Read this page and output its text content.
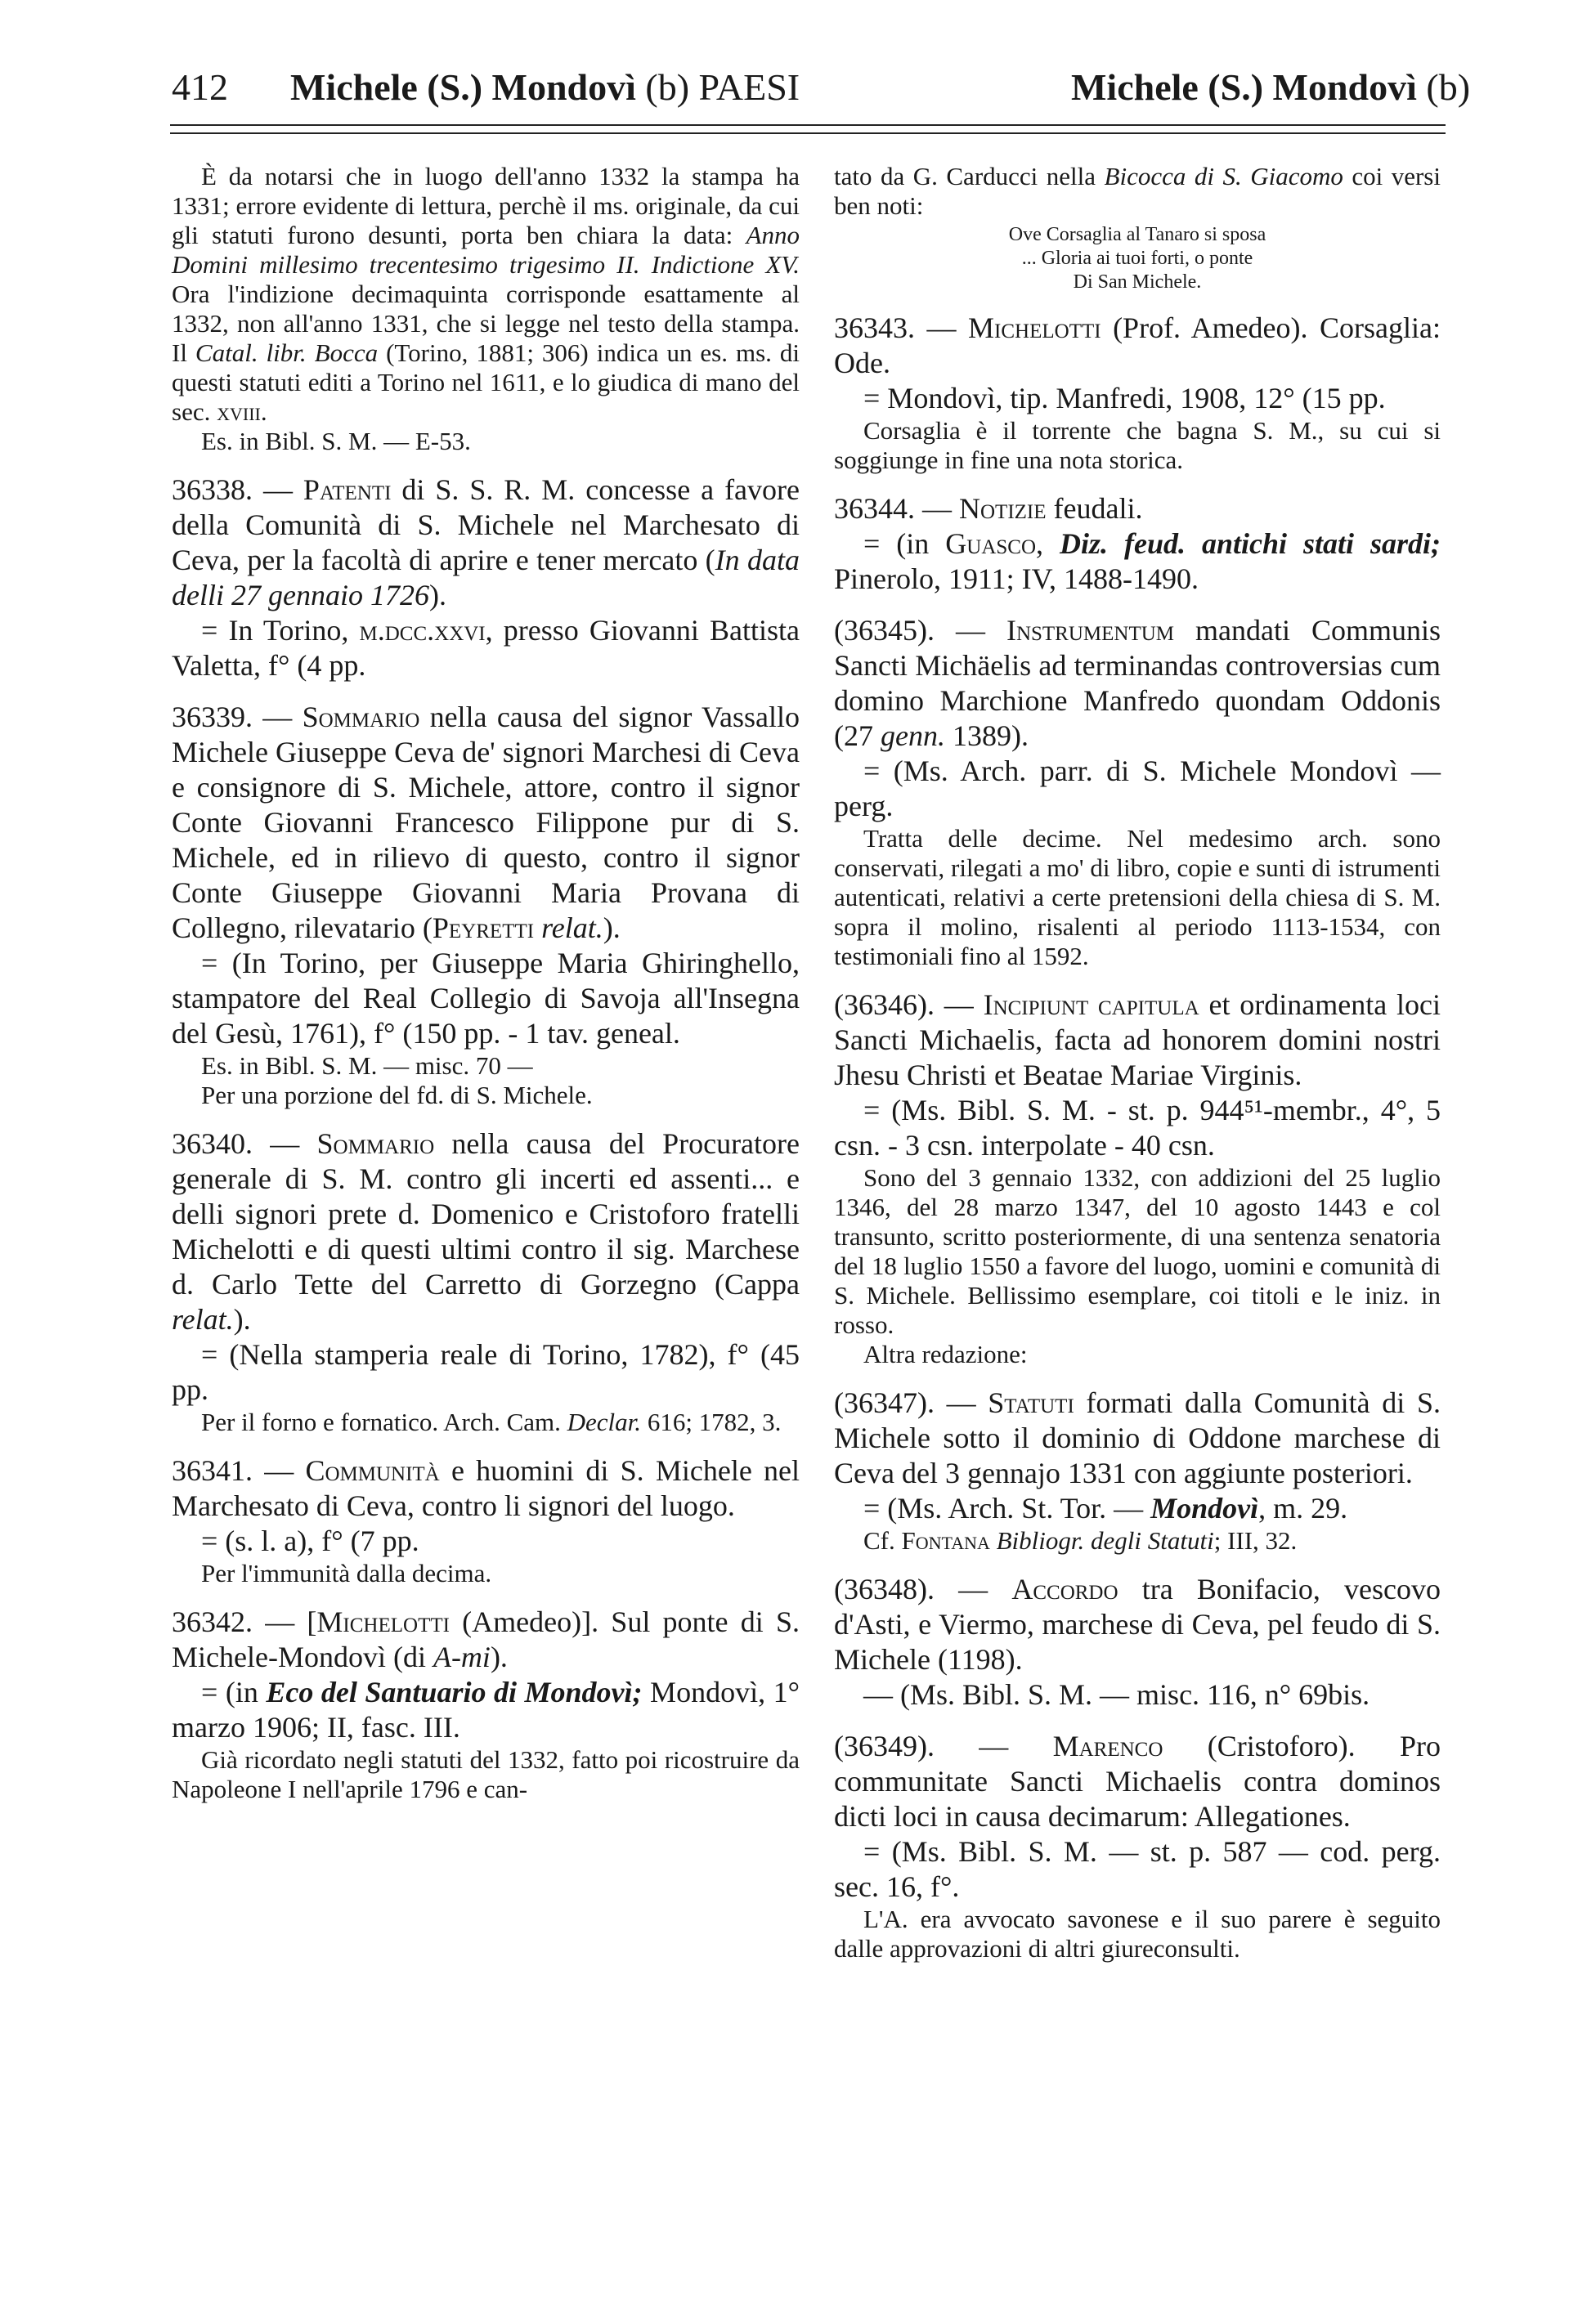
412 Michele (S.) Mondovì (b) PAESI	Michele (S.) Mondovì (b)

È da notarsi che in luogo dell'anno 1332 la stampa ha 1331; errore evidente di lettura, perchè il ms. originale, da cui gli statuti furono desunti, porta ben chiara la data: Anno Domini millesimo trecentesimo trigesimo II. Indictione XV. Ora l'indizione decimaquinta corrisponde esattamente al 1332, non all'anno 1331, che si legge nel testo della stampa. Il Catal. libr. Bocca (Torino, 1881; 306) indica un es. ms. di questi statuti editi a Torino nel 1611, e lo giudica di mano del sec. xviii.

Es. in Bibl. S. M. — E-53.

36338. — Patenti di S. S. R. M. concesse a favore della Comunità di S. Michele nel Marchesato di Ceva, per la facoltà di aprire e tener mercato (In data delli 27 gennaio 1726).

= In Torino, m.dcc.xxvi, presso Giovanni Battista Valetta, f° (4 pp.

36339. — Sommario nella causa del signor Vassallo Michele Giuseppe Ceva de' signori Marchesi di Ceva e consignore di S. Michele, attore, contro il signor Conte Giovanni Francesco Filippone pur di S. Michele, ed in rilievo di questo, contro il signor Conte Giuseppe Giovanni Maria Provana di Collegno, rilevatario (Peyretti relat.).

= (In Torino, per Giuseppe Maria Ghiringhello, stampatore del Real Collegio di Savoja all'Insegna del Gesù, 1761), f° (150 pp. - 1 tav. geneal.

Es. in Bibl. S. M. — misc. 70 —

Per una porzione del fd. di S. Michele.

36340. — Sommario nella causa del Procuratore generale di S. M. contro gli incerti ed assenti... e delli signori prete d. Domenico e Cristoforo fratelli Michelotti e di questi ultimi contro il sig. Marchese d. Carlo Tette del Carretto di Gorzegno (Cappa relat.).

= (Nella stamperia reale di Torino, 1782), f° (45 pp.

Per il forno e fornatico. Arch. Cam. Declar. 616; 1782, 3.

36341. — Communità e huomini di S. Michele nel Marchesato di Ceva, contro li signori del luogo.

= (s. l. a), f° (7 pp.

Per l'immunità dalla decima.

36342. — [Michelotti (Amedeo)]. Sul ponte di S. Michele-Mondovì (di A-mi).

= (in Eco del Santuario di Mondovì; Mondovì, 1° marzo 1906; II, fasc. III.

Già ricordato negli statuti del 1332, fatto poi ricostruire da Napoleone I nell'aprile 1796 e can-

tato da G. Carducci nella Bicocca di S. Giacomo coi versi ben noti:

Ove Corsaglia al Tanaro si sposa
... Gloria ai tuoi forti, o ponte
Di San Michele.

36343. — Michelotti (Prof. Amedeo). Corsaglia: Ode.

= Mondovì, tip. Manfredi, 1908, 12° (15 pp.

Corsaglia è il torrente che bagna S. M., su cui si soggiunge in fine una nota storica.

36344. — Notizie feudali.

= (in Guasco, Diz. feud. antichi stati sardi; Pinerolo, 1911; IV, 1488-1490.

(36345). — Instrumentum mandati Communis Sancti Michäelis ad terminandas controversias cum domino Marchione Manfredo quondam Oddonis (27 genn. 1389).

= (Ms. Arch. parr. di S. Michele Mondovì — perg.

Tratta delle decime. Nel medesimo arch. sono conservati, rilegati a mo' di libro, copie e sunti di istrumenti autenticati, relativi a certe pretensioni della chiesa di S. M. sopra il molino, risalenti al periodo 1113-1534, con testimoniali fino al 1592.

(36346). — Incipiunt capitula et ordinamenta loci Sancti Michaelis, facta ad honorem domini nostri Jhesu Christi et Beatae Mariae Virginis.

= (Ms. Bibl. S. M. - st. p. 944⁵¹-membr., 4°, 5 csn. - 3 csn. interpolate - 40 csn.

Sono del 3 gennaio 1332, con addizioni del 25 luglio 1346, del 28 marzo 1347, del 10 agosto 1443 e col transunto, scritto posteriormente, di una sentenza senatoria del 18 luglio 1550 a favore del luogo, uomini e comunità di S. Michele. Bellissimo esemplare, coi titoli e le iniz. in rosso.

Altra redazione:

(36347). — Statuti formati dalla Comunità di S. Michele sotto il dominio di Oddone marchese di Ceva del 3 gennajo 1331 con aggiunte posteriori.

= (Ms. Arch. St. Tor. — Mondovì, m. 29.

Cf. Fontana Bibliogr. degli Statuti; III, 32.

(36348). — Accordo tra Bonifacio, vescovo d'Asti, e Viermo, marchese di Ceva, pel feudo di S. Michele (1198).

— (Ms. Bibl. S. M. — misc. 116, n° 69bis.

(36349). — Marenco (Cristoforo). Pro communitate Sancti Michaelis contra dominos dicti loci in causa decimarum: Allegationes.

= (Ms. Bibl. S. M. — st. p. 587 — cod. perg. sec. 16, f°.

L'A. era avvocato savonese e il suo parere è seguito dalle approvazioni di altri giureconsulti.
